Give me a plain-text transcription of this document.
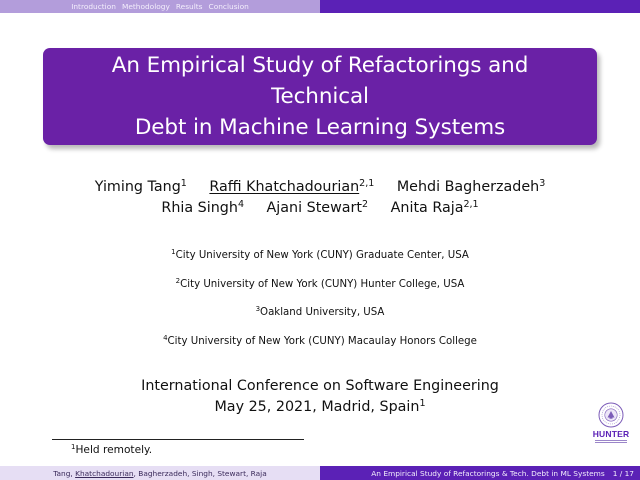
Introduction Methodology Results Conclusion
An Empirical Study of Refactorings and Technical
Debt in Machine Learning Systems
Yiming Tang$^1$ Raffi Khatchadourian$^{2,1}$ Mehdi Bagherzadeh$^3$
Rhia Singh$^4$ Ajani Stewart$^2$ Anita Raja$^{2,1}$
$^1$City University of New York (CUNY) Graduate Center, USA
$^2$City University of New York (CUNY) Hunter College, USA
$^3$Oakland University, USA
$^4$City University of New York (CUNY) Macaulay Honors College
International Conference on Software Engineering
May 25, 2021, Madrid, Spain$^1$
$^1$Held remotely.
HUNTER
Tang, Khatchadourian, Bagherzadeh, Singh, Stewart, Raja	An Empirical Study of Refactorings & Tech. Debt in ML Systems 1 / 17
